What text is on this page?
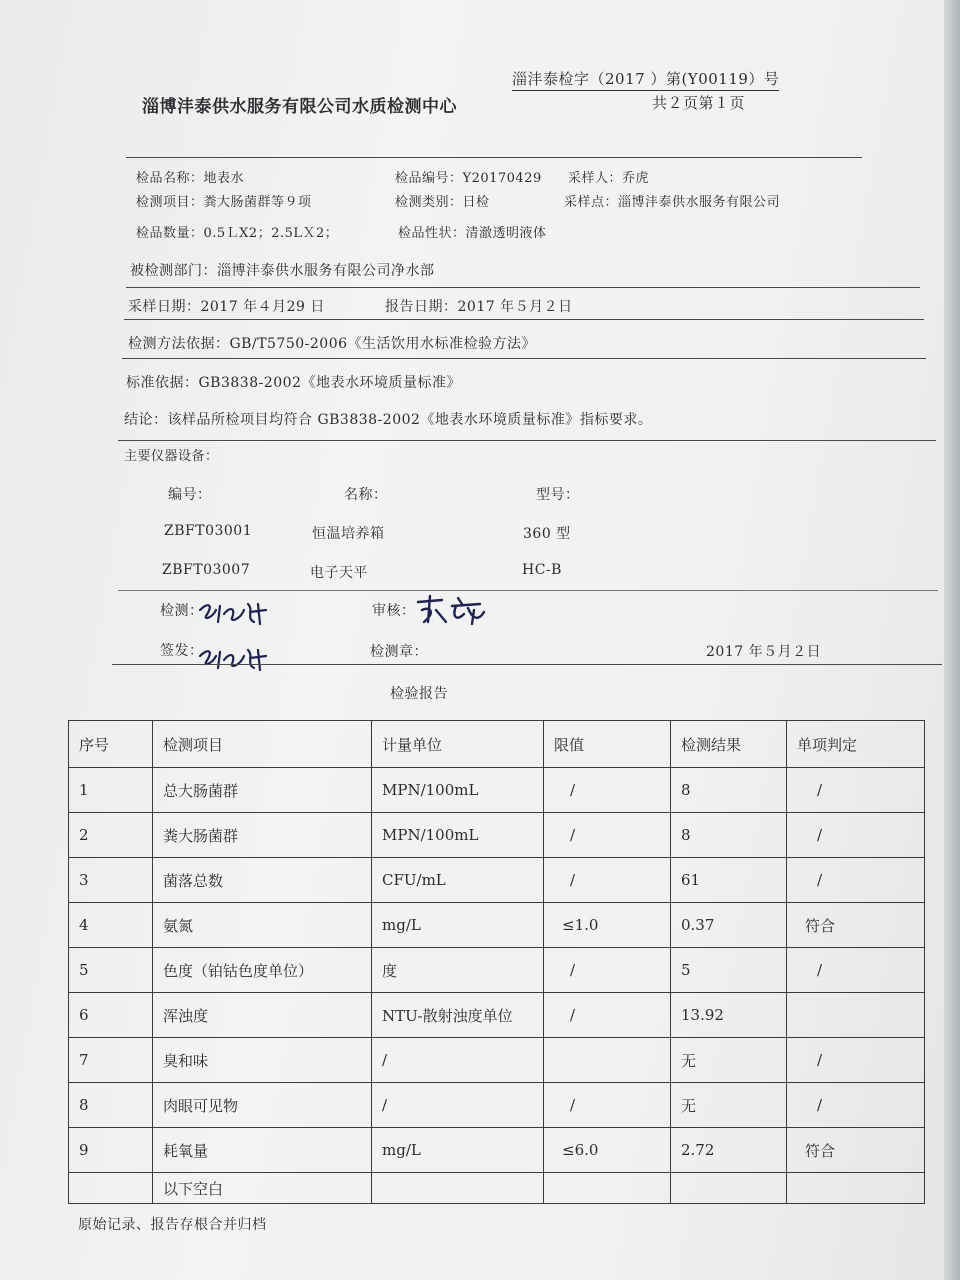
淄沣泰检字（2017 ）第(Y00119）号
淄博沣泰供水服务有限公司水质检测中心	共２页第１页
检品名称：地表水	检品编号：Y20170429 采样人：乔虎
检测项目：粪大肠菌群等９项	检测类别：日检	采样点：淄博沣泰供水服务有限公司
检品数量：0.5ＬX2；2.5LＸ2；	检品性状：清澈透明液体
被检测部门：淄博沣泰供水服务有限公司净水部
采样日期：2017 年４月29 日	报告日期：2017 年５月２日
检测方法依据：GB/T5750-2006《生活饮用水标准检验方法》
标准依据：GB3838-2002《地表水环境质量标准》
结论：该样品所检项目均符合 GB3838-2002《地表水环境质量标准》指标要求。
主要仪器设备：
编号：	名称：	型号：
ZBFT03001	恒温培养箱	360 型
ZBFT03007	电子天平	HC-B
检测：	审核：
签发：	检测章：	2017 年５月２日
检验报告
序号	检测项目	计量单位	限值	检测结果	单项判定
1	总大肠菌群	MPN/100mL	/	8	/
2	粪大肠菌群	MPN/100mL	/	8	/
3	菌落总数	CFU/mL	/	61	/
4	氨氮	mg/L	≤1.0	0.37	符合
5	色度（铂钴色度单位）	度	/	5	/
6	浑浊度	NTU-散射浊度单位	/	13.92	
7	臭和味	/		无	/
8	肉眼可见物	/	/	无	/
9	耗氧量	mg/L	≤6.0	2.72	符合
	以下空白				
原始记录、报告存根合并归档
